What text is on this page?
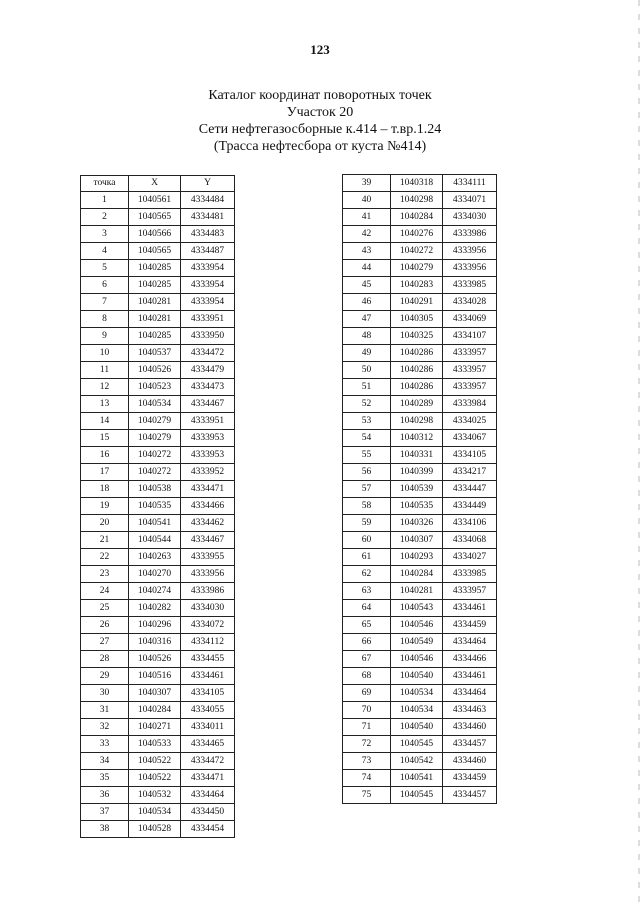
123
Каталог координат поворотных точек
Участок 20
Сети нефтегазосборные к.414 – т.вр.1.24
(Трасса нефтесбора от куста №414)
точка	X	Y
1	1040561	4334484
2	1040565	4334481
3	1040566	4334483
4	1040565	4334487
5	1040285	4333954
6	1040285	4333954
7	1040281	4333954
8	1040281	4333951
9	1040285	4333950
10	1040537	4334472
11	1040526	4334479
12	1040523	4334473
13	1040534	4334467
14	1040279	4333951
15	1040279	4333953
16	1040272	4333953
17	1040272	4333952
18	1040538	4334471
19	1040535	4334466
20	1040541	4334462
21	1040544	4334467
22	1040263	4333955
23	1040270	4333956
24	1040274	4333986
25	1040282	4334030
26	1040296	4334072
27	1040316	4334112
28	1040526	4334455
29	1040516	4334461
30	1040307	4334105
31	1040284	4334055
32	1040271	4334011
33	1040533	4334465
34	1040522	4334472
35	1040522	4334471
36	1040532	4334464
37	1040534	4334450
38	1040528	4334454
39	1040318	4334111
40	1040298	4334071
41	1040284	4334030
42	1040276	4333986
43	1040272	4333956
44	1040279	4333956
45	1040283	4333985
46	1040291	4334028
47	1040305	4334069
48	1040325	4334107
49	1040286	4333957
50	1040286	4333957
51	1040286	4333957
52	1040289	4333984
53	1040298	4334025
54	1040312	4334067
55	1040331	4334105
56	1040399	4334217
57	1040539	4334447
58	1040535	4334449
59	1040326	4334106
60	1040307	4334068
61	1040293	4334027
62	1040284	4333985
63	1040281	4333957
64	1040543	4334461
65	1040546	4334459
66	1040549	4334464
67	1040546	4334466
68	1040540	4334461
69	1040534	4334464
70	1040534	4334463
71	1040540	4334460
72	1040545	4334457
73	1040542	4334460
74	1040541	4334459
75	1040545	4334457
